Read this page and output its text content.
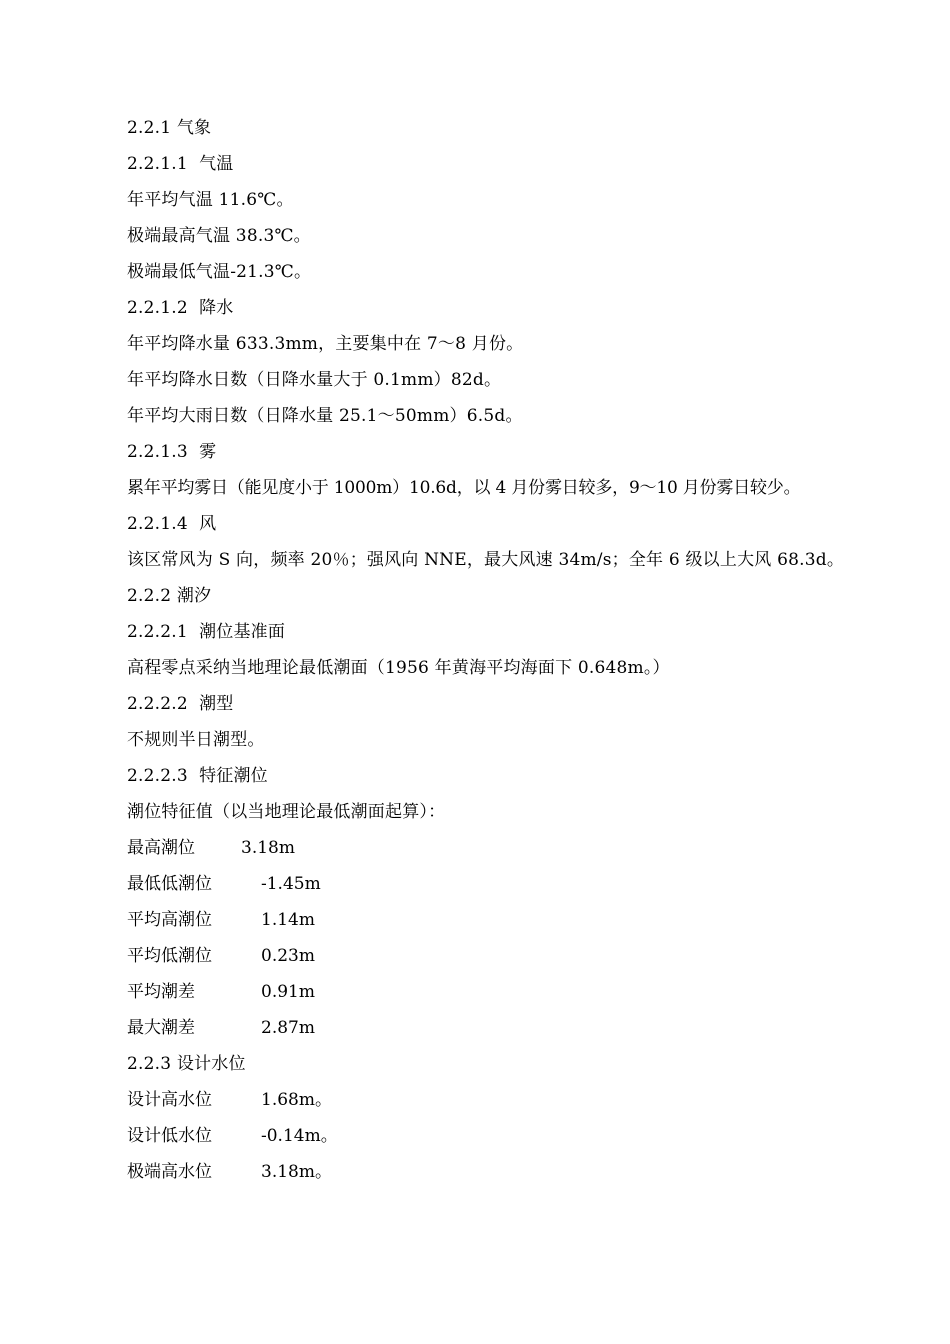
2.2.1 气象
2.2.1.1  气温
年平均气温 11.6℃。
极端最高气温 38.3℃。
极端最低气温-21.3℃。
2.2.1.2  降水
年平均降水量 633.3mm，主要集中在 7～8 月份。
年平均降水日数（日降水量大于 0.1mm）82d。
年平均大雨日数（日降水量 25.1～50mm）6.5d。
2.2.1.3  雾
累年平均雾日（能见度小于 1000m）10.6d，以 4 月份雾日较多，9～10 月份雾日较少。
2.2.1.4  风
该区常风为 S 向，频率 20％；强风向 NNE，最大风速 34m/s；全年 6 级以上大风 68.3d。
2.2.2 潮汐
2.2.2.1  潮位基准面
高程零点采纳当地理论最低潮面（1956 年黄海平均海面下 0.648m。）
2.2.2.2  潮型
不规则半日潮型。
2.2.2.3  特征潮位
潮位特征值（以当地理论最低潮面起算）：
最高潮位	3.18m
最低低潮位	-1.45m
平均高潮位	1.14m
平均低潮位	0.23m
平均潮差	0.91m
最大潮差	2.87m
2.2.3 设计水位
设计高水位	1.68m。
设计低水位	-0.14m。
极端高水位	3.18m。
